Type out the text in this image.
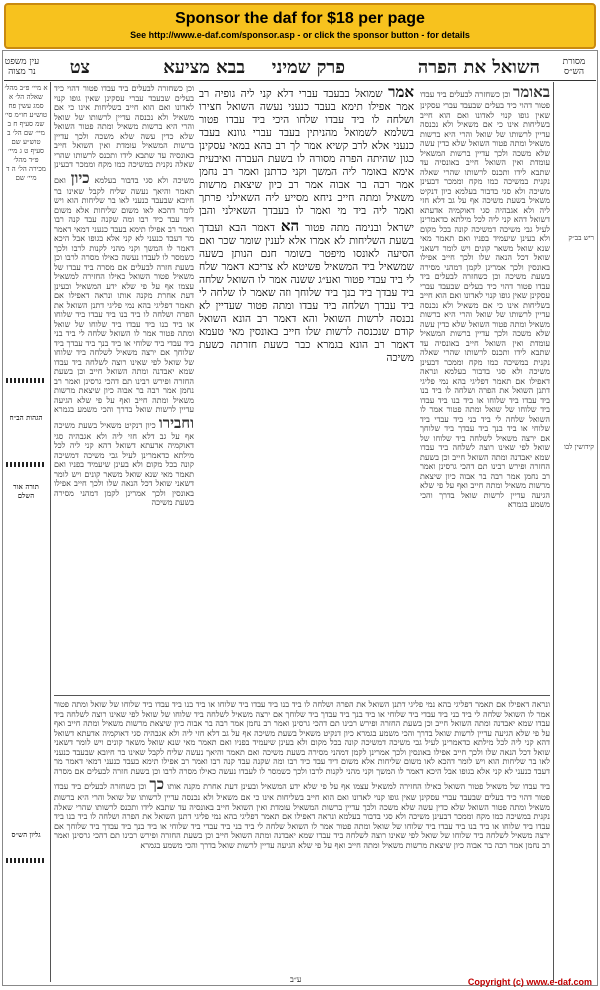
Sponsor the daf for $18 per page
See http://www.e-daf.com/sponsor.asp - or click the sponsor button - for details
מסורת
הש״ס
השואל את הפרה
פרק שמיני
בבא מציעא
צט
עין משפט
נר מצוה
ריש בב״ק
קידושין לבו
באומר וכן כשחזרה לבעלים ביד עבדו פטור דהוי כיד בעלים שבעבד עברי עסקינן שאין גופו קנוי לאדונו ואם הוא חייב בשליחות אינו כי אם משאיל ולא נכנסה עדיין לרשותו של שואל והרי היא ברשות משאיל ומתה פטור השואל שלא כדין עשה שלא משכה ולכך עדיין ברשות המשאיל עומדת ואין השואל חייב באונסיה עד שתבא לידו ותכנס לרשותו שהרי שאלה נקנית במשיכה כמו מקח וממכר דבעינן משיכה ולא סגי בדבור בעלמא כיון דנקיט משאיל בשעת משיכה אף על גב דלא חזי ליה ולא אגבהיה סגי דאוקמיה אדעתא דשואל דהא קני ליה לכל מילתא כדאמרינן לעיל גבי משיכה דמשיכה קונה בכל מקום ולא בעינן שיעמיד בפניו ואם תאמר מאי שנא שואל משאר קונים ויש לומר דשאני שואל דכל הנאה שלו ולכך חייב אפילו באונסין ולכך אמרינן לקמן דמהני מסירה בשעת משיכה וכן כשחזרה לבעלים ביד עבדו פטור דהוי כיד בעלים שבעבד עברי עסקינן שאין גופו קנוי לאדונו ואם הוא חייב בשליחות אינו כי אם משאיל ולא נכנסה עדיין לרשותו של שואל והרי היא ברשות משאיל ומתה פטור השואל שלא כדין עשה שלא משכה ולכך עדיין ברשות המשאיל עומדת ואין השואל חייב באונסיה עד שתבא לידו ותכנס לרשותו שהרי שאלה נקנית במשיכה כמו מקח וממכר דבעינן משיכה ולא סגי בדבור בעלמא ונראה דאפילו אם תאמר דפליגי בהא נמי פליגי דתנן השואל את הפרה ושלחה לו ביד בנו ביד עבדו ביד שלוחו או ביד בנו ביד עבדו ביד שלוחו של שואל ומתה פטור אמר לו השואל שלחה לי ביד בני ביד עבדי ביד שלוחי או ביד בנך ביד עבדך ביד שלוחך אם ירצה משאיל לשלחה ביד שלוחו של שואל לפי שאינו רוצה לשלחה ביד עבדו שמא יאבדנה ומתה השואל חייב וכן בשעת החזרה ופירש רבינו תם דהכי גרסינן ואמר רב נחמן אמר רבה בר אבוה כיון שיצאת מרשות משאיל ומתה חייב ואף על פי שלא הגיעה עדיין לרשות שואל בדרך והכי משמע בגמרא
אמר שמואל בבעבד עברי דלא קני ליה גופיה רב אמר אפילו תימא בעבד כנעני נעשה השואל חצירו ושלחה לו ביד עבדו שלחו היכי ביד עבדו פטור בשלמא לשמואל מהניתין בעבד עברי גוונא בעבד כנעני אלא לרב קשיא אמר לך רב בהא במאי עסקינן כגון שהיתה הפרה מסורה לו בשעת העברה ואיבעית אימא באומר ליה המשך וקני כדתנן ואמר רב נחמן אמר רבה בר אבוה אמר רב כיון שיצאת מרשות משאיל ומתה חייב ניחא מסייע ליה השאילני פרתך ואמר ליה ביד מי ואמר לו בעבדך השאילני והבן ישראל ובנימה מתה פטור הא דאמר הבא ועבדך בשעת השליחות לא אמרו אלא לענין שומר שכר ואם הסיעה לאונסו מיפטר בשומר חנם הנותן בשעה שמשאיל ביד המשאיל פשיטא לא צריכא דאמר שלח לי ביד עבדי פטור ואע״ג ששנה אמר לו השואל שלחה ביד עבדך ביד בנך ביד שלוחך וזה שאמר לו שלחה לי ביד עבדך ושלחה ביד עבדו ומתה פטור שעדיין לא נכנסה לרשות השואל והא דאמר רב הונא השואל קודם שנכנסה לרשות שלו חייב באונסין מאי טעמא דאמר רב הונא בגמרא כבר כשעת חזרתה כשעת משיכה
וכן כשחזרה לבעלים ביד עבדו פטור דהוי כיד בעלים שבעבד עברי עסקינן שאין גופו קנוי לאדונו ואם הוא חייב בשליחות אינו כי אם משאיל ולא נכנסה עדיין לרשותו של שואל והרי היא ברשות משאיל ומתה פטור השואל שלא כדין עשה שלא משכה ולכך עדיין ברשות המשאיל עומדת ואין השואל חייב באונסיה עד שתבא לידו ותכנס לרשותו שהרי שאלה נקנית במשיכה כמו מקח וממכר דבעינן משיכה ולא סגי בדבור בעלמא כיון ואם תאמר והיאך נעשה שליח לקבל שאינו בר חיובא שבעבד כנעני לאו בר שליחות הוא ויש לומר דהכא לאו משום שליחות אלא משום דיד עבד כיד רבו ומה שקנה עבד קנה רבו ואמר רב אפילו תימא בעבד כנעני דמאי דאמר מר דעבד כנעני לא קני אלא בגופו אבל היכא דאמר לו המשך וקני מהני לקנות לרבו ולכך כשמסר לו לעבדו נעשה כאילו מסרה לרבו וכן בשעת חזרה לבעלים אם מסרה ביד עבדו של משאיל פטור השואל כאילו החזירה למשאיל עצמו אף על פי שלא ידע המשאיל ובעינן דעת אחרת מקנה אותו ונראה דאפילו אם תאמר דפליגי בהא נמי פליגי דתנן השואל את הפרה ושלחה לו ביד בנו ביד עבדו ביד שלוחו או ביד בנו ביד עבדו ביד שלוחו של שואל ומתה פטור אמר לו השואל שלחה לי ביד בני ביד עבדי ביד שלוחי או ביד בנך ביד עבדך ביד שלוחך אם ירצה משאיל לשלחה ביד שלוחו של שואל לפי שאינו רוצה לשלחה ביד עבדו שמא יאבדנה ומתה השואל חייב וכן בשעת החזרה ופירש רבינו תם דהכי גרסינן ואמר רב נחמן אמר רבה בר אבוה כיון שיצאת מרשות משאיל ומתה חייב ואף על פי שלא הגיעה עדיין לרשות שואל בדרך והכי משמע בגמרא וחבירו כיון דנקיט משאיל בשעת משיכה אף על גב דלא חזי ליה ולא אגבהיה סגי דאוקמיה אדעתא דשואל דהא קני ליה לכל מילתא כדאמרינן לעיל גבי משיכה דמשיכה קונה בכל מקום ולא בעינן שיעמיד בפניו ואם תאמר מאי שנא שואל משאר קונים ויש לומר דשאני שואל דכל הנאה שלו ולכך חייב אפילו באונסין ולכך אמרינן לקמן דמהני מסירה בשעת משיכה
ונראה דאפילו אם תאמר דפליגי בהא נמי פליגי דתנן השואל את הפרה ושלחה לו ביד בנו ביד עבדו ביד שלוחו או ביד בנו ביד עבדו ביד שלוחו של שואל ומתה פטור אמר לו השואל שלחה לי ביד בני ביד עבדי ביד שלוחי או ביד בנך ביד עבדך ביד שלוחך אם ירצה משאיל לשלחה ביד שלוחו של שואל לפי שאינו רוצה לשלחה ביד עבדו שמא יאבדנה ומתה השואל חייב וכן בשעת החזרה ופירש רבינו תם דהכי גרסינן ואמר רב נחמן אמר רבה בר אבוה כיון שיצאת מרשות משאיל ומתה חייב ואף על פי שלא הגיעה עדיין לרשות שואל בדרך והכי משמע בגמרא כיון דנקיט משאיל בשעת משיכה אף על גב דלא חזי ליה ולא אגבהיה סגי דאוקמיה אדעתא דשואל דהא קני ליה לכל מילתא כדאמרינן לעיל גבי משיכה דמשיכה קונה בכל מקום ולא בעינן שיעמיד בפניו ואם תאמר מאי שנא שואל משאר קונים ויש לומר דשאני שואל דכל הנאה שלו ולכך חייב אפילו באונסין ולכך אמרינן לקמן דמהני מסירה בשעת משיכה ואם תאמר והיאך נעשה שליח לקבל שאינו בר חיובא שבעבד כנעני לאו בר שליחות הוא ויש לומר דהכא לאו משום שליחות אלא משום דיד עבד כיד רבו ומה שקנה עבד קנה רבו ואמר רב אפילו תימא בעבד כנעני דמאי דאמר מר דעבד כנעני לא קני אלא בגופו אבל היכא דאמר לו המשך וקני מהני לקנות לרבו ולכך כשמסר לו לעבדו נעשה כאילו מסרה לרבו וכן בשעת חזרה לבעלים אם מסרה ביד עבדו של משאיל פטור השואל כאילו החזירה למשאיל עצמו אף על פי שלא ידע המשאיל ובעינן דעת אחרת מקנה אותו כך וכן כשחזרה לבעלים ביד עבדו פטור דהוי כיד בעלים שבעבד עברי עסקינן שאין גופו קנוי לאדונו ואם הוא חייב בשליחות אינו כי אם משאיל ולא נכנסה עדיין לרשותו של שואל והרי היא ברשות משאיל ומתה פטור השואל שלא כדין עשה שלא משכה ולכך עדיין ברשות המשאיל עומדת ואין השואל חייב באונסיה עד שתבא לידו ותכנס לרשותו שהרי שאלה נקנית במשיכה כמו מקח וממכר דבעינן משיכה ולא סגי בדבור בעלמא ונראה דאפילו אם תאמר דפליגי בהא נמי פליגי דתנן השואל את הפרה ושלחה לו ביד בנו ביד עבדו ביד שלוחו או ביד בנו ביד עבדו ביד שלוחו של שואל ומתה פטור אמר לו השואל שלחה לי ביד בני ביד עבדי ביד שלוחי או ביד בנך ביד עבדך ביד שלוחך אם ירצה משאיל לשלחה ביד שלוחו של שואל לפי שאינו רוצה לשלחה ביד עבדו שמא יאבדנה ומתה השואל חייב וכן בשעת החזרה ופירש רבינו תם דהכי גרסינן ואמר רב נחמן אמר רבה בר אבוה כיון שיצאת מרשות משאיל ומתה חייב ואף על פי שלא הגיעה עדיין לרשות שואל בדרך והכי משמע בגמרא
א מיי׳ פ״ב מהל׳ שאלה הל׳ א סמג עשין פח טוש״ע חו״מ סי׳ שמ סעיף ח ב מיי׳ שם הל׳ ב טוש״ע שם סעיף ט ג מיי׳ פ״ד מהל׳ מכירה הל׳ ה ד מיי׳ שם
הגהות הב״ח
תורה אור השלם
גליון הש״ס
ע״ב	Copyright (c) www.e-daf.com
